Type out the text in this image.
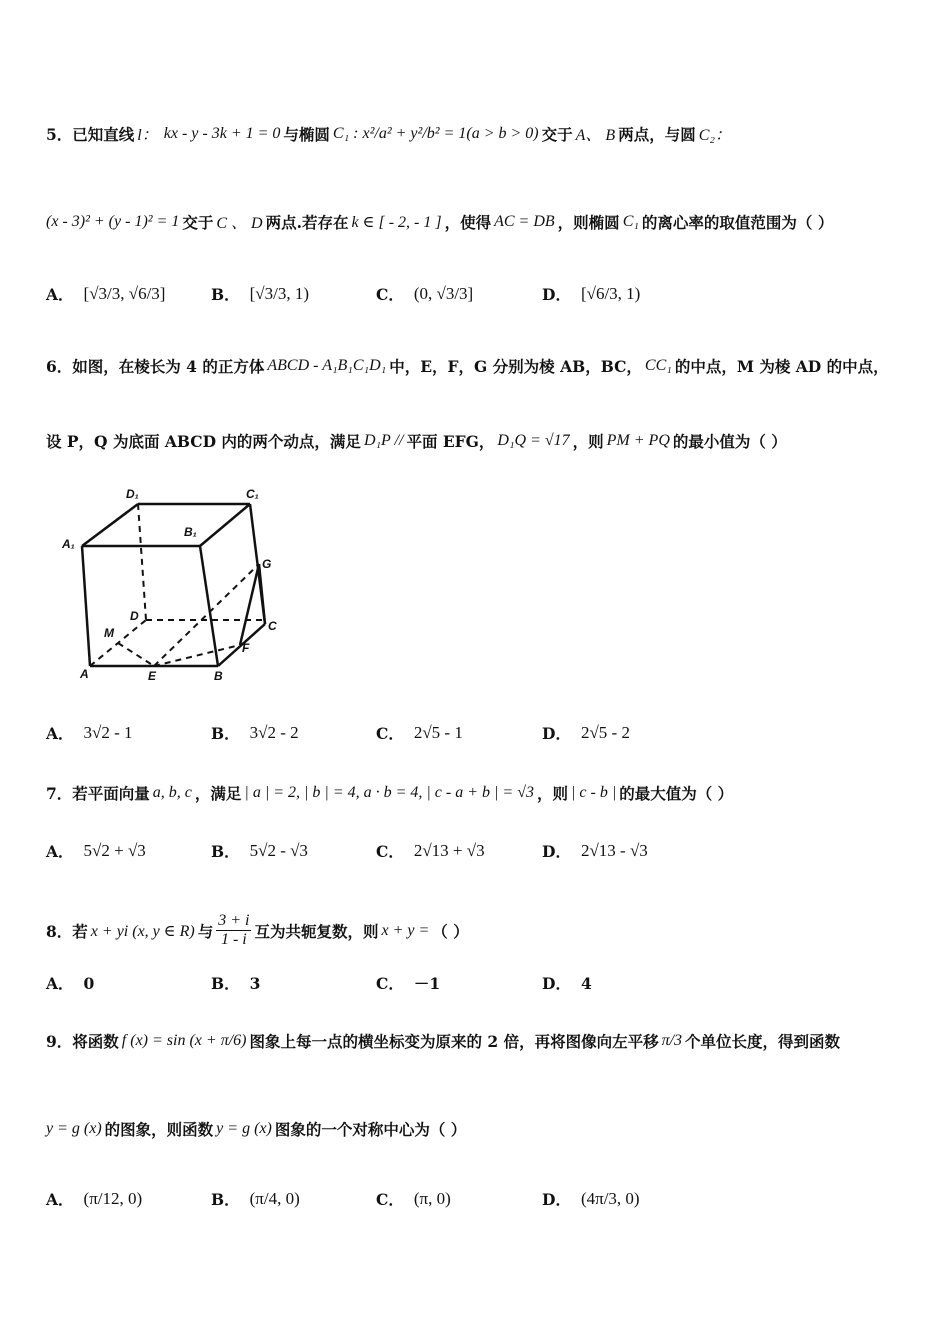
5．已知直线 l： kx - y - 3k + 1 = 0 与椭圆 C₁ : x²/a² + y²/b² = 1(a > b > 0) 交于 A、 B 两点，与圆 C₂：
(x - 3)² + (y - 1)² = 1 交于 C 、 D 两点.若存在 k ∈ [ - 2, - 1 ] ，使得 AC = DB ，则椭圆 C₁ 的离心率的取值范围为（ ）
A． [√3/3, √6/3]	B． [√3/3, 1)	C． (0, √3/3]	D． [√6/3, 1)
6．如图，在棱长为 4 的正方体 ABCD - A₁B₁C₁D₁ 中，E，F，G 分别为棱 AB，BC， CC₁ 的中点，M 为棱 AD 的中点，
设 P，Q 为底面 ABCD 内的两个动点，满足 D₁P // 平面 EFG， D₁Q = √17 ，则 PM + PQ 的最小值为（ ）
D₁	C₁
A₁
B₁
G
D
C
M
F
A	E	B
A． 3√2 - 1	B． 3√2 - 2	C． 2√5 - 1	D． 2√5 - 2
7．若平面向量 a, b, c ，满足 | a | = 2, | b | = 4, a · b = 4, | c - a + b | = √3 ，则 | c - b | 的最大值为（ ）
A． 5√2 + √3	B． 5√2 - √3	C． 2√13 + √3	D． 2√13 - √3
8．若 x + yi (x, y ∈ R) 与
3 + i
1 - i 互为共轭复数，则 x + y = （ ）
A． 0	B． 3	C． －1	D． 4
9．将函数 f (x) = sin (x + π/6) 图象上每一点的横坐标变为原来的 2 倍，再将图像向左平移 π/3 个单位长度，得到函数
y = g (x) 的图象，则函数 y = g (x) 图象的一个对称中心为（ ）
A． (π/12, 0)	B． (π/4, 0)	C． (π, 0)	D． (4π/3, 0)
